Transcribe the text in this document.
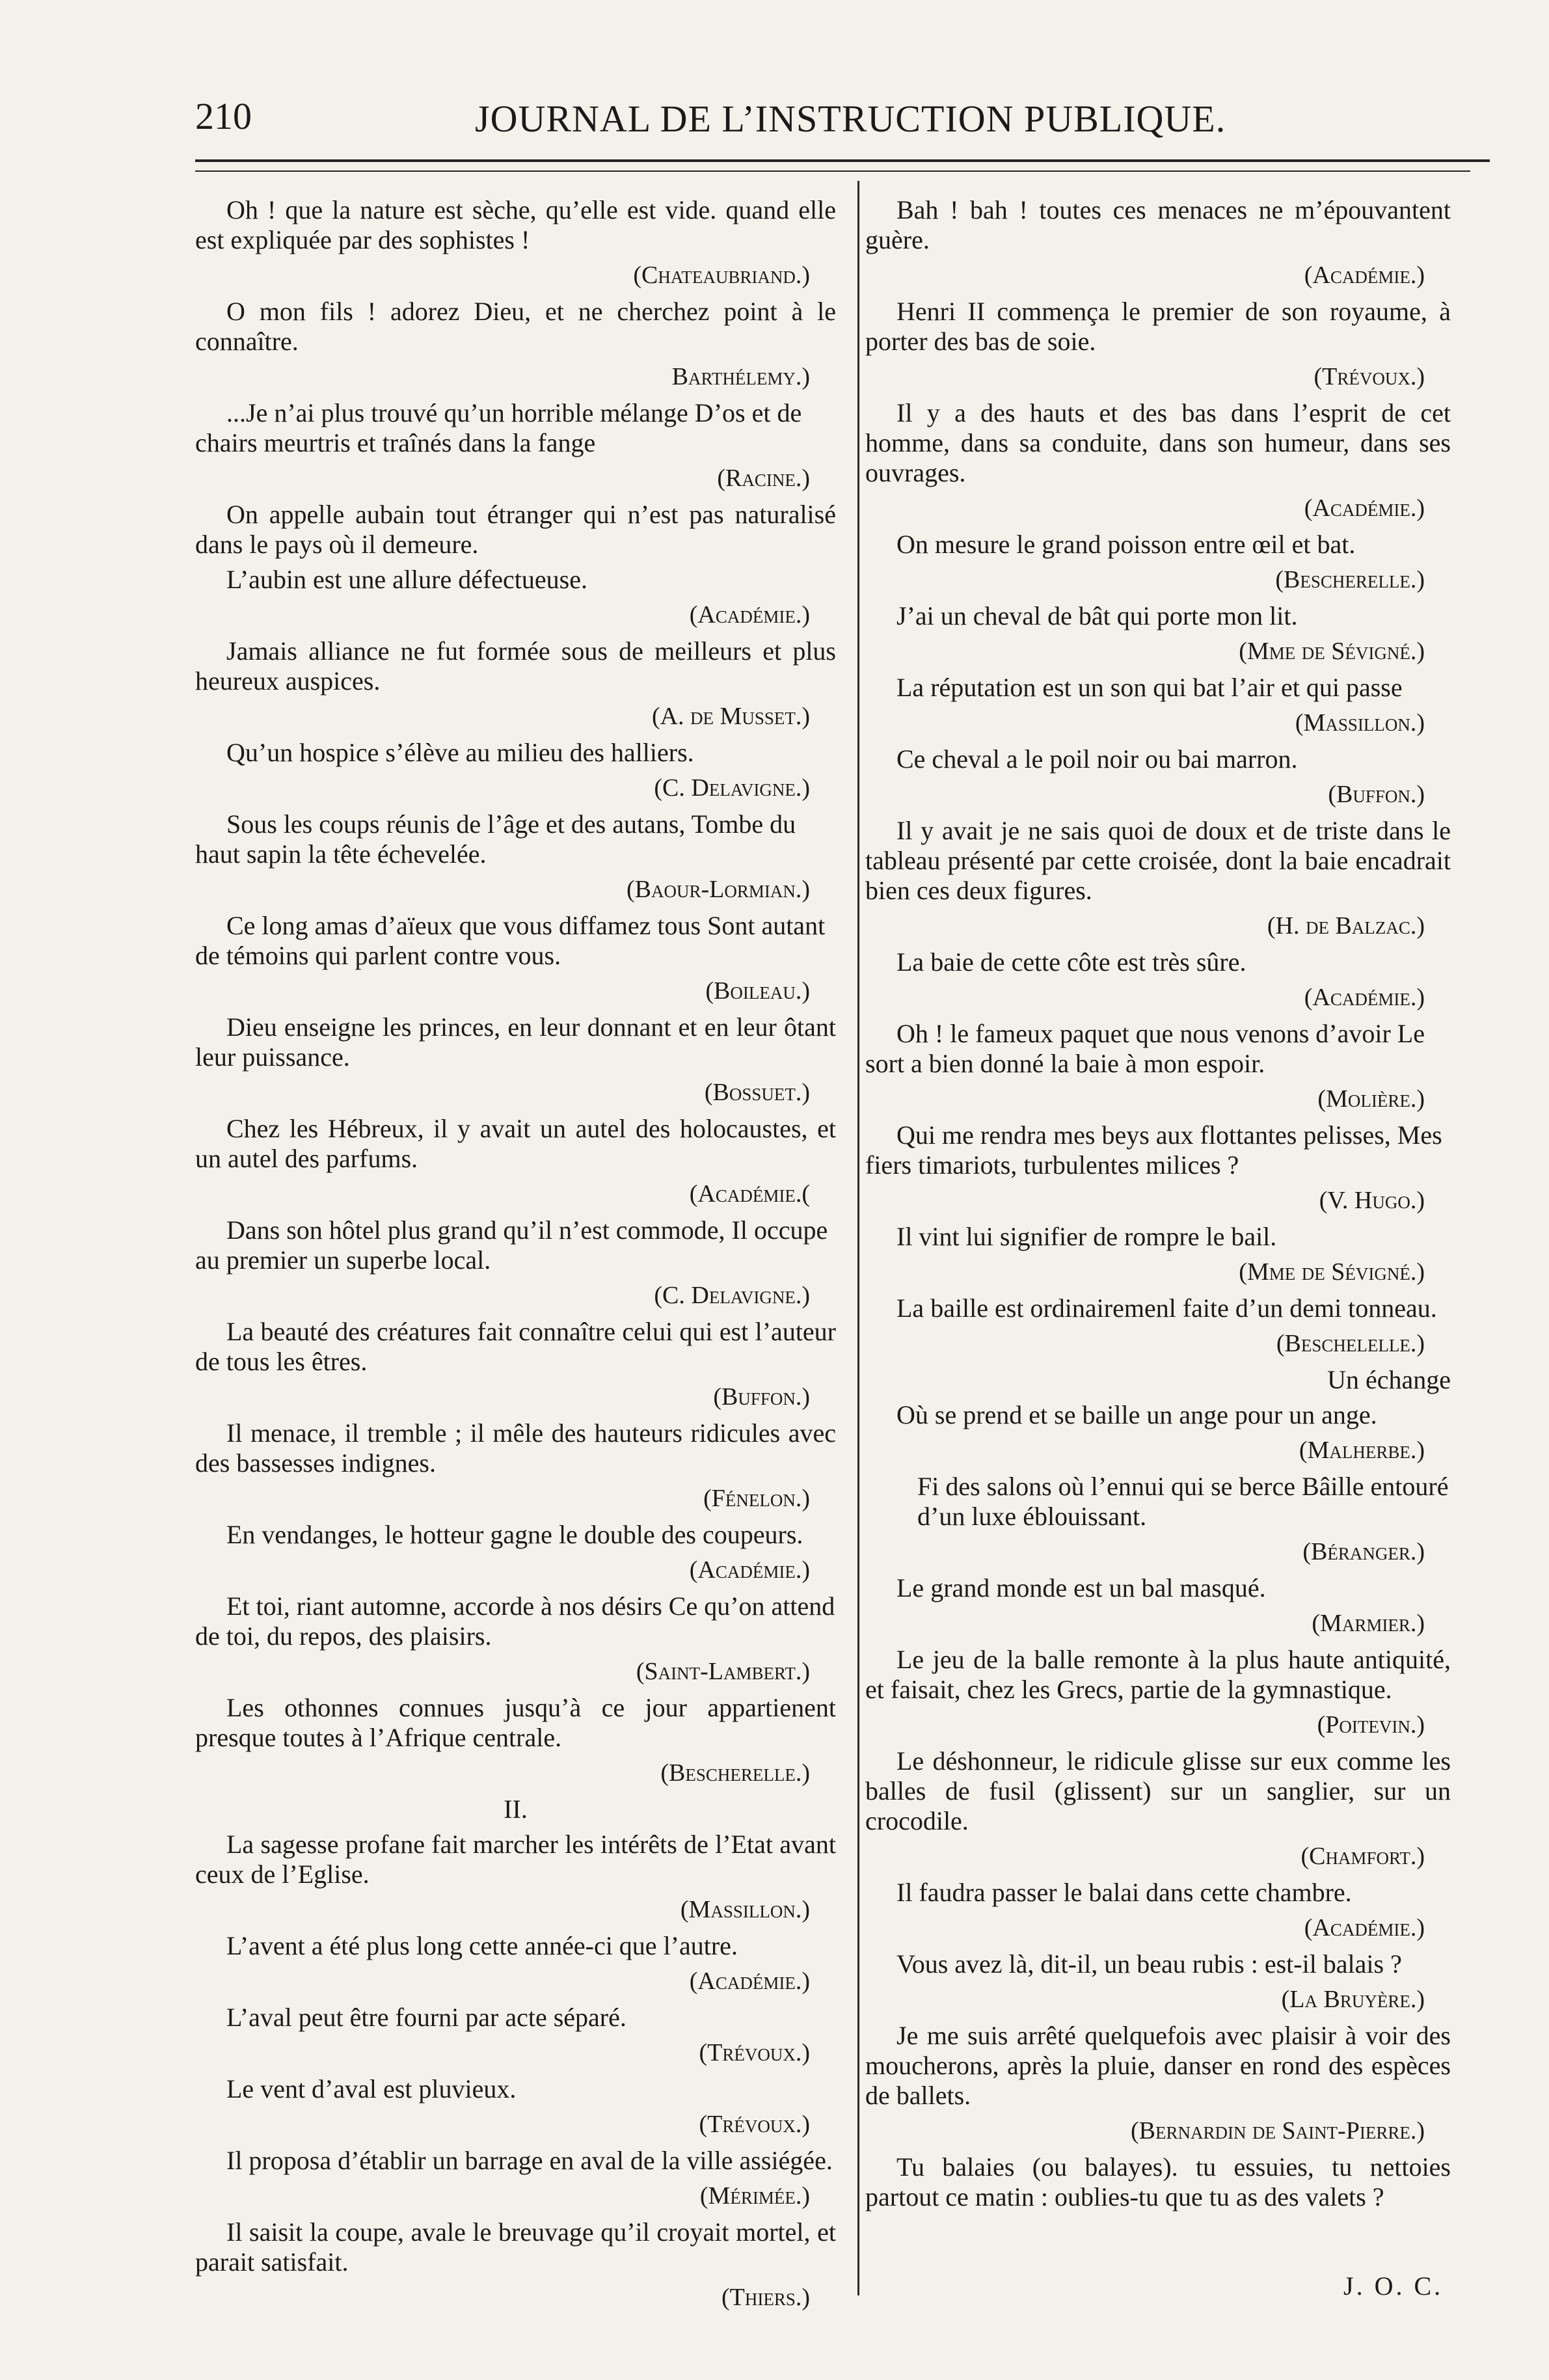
210	JOURNAL DE L’INSTRUCTION PUBLIQUE.
Oh ! que la nature est sèche, qu’elle est vide. quand elle est expliquée par des sophistes !
(Chateaubriand.)
O mon fils ! adorez Dieu, et ne cherchez point à le connaître.
Barthélemy.)
...Je n’ai plus trouvé qu’un horrible mélange D’os et de chairs meurtris et traînés dans la fange
(Racine.)
On appelle aubain tout étranger qui n’est pas naturalisé dans le pays où il demeure.
L’aubin est une allure défectueuse.
(Académie.)
Jamais alliance ne fut formée sous de meilleurs et plus heureux auspices.
(A. de Musset.)
Qu’un hospice s’élève au milieu des halliers.
(C. Delavigne.)
Sous les coups réunis de l’âge et des autans, Tombe du haut sapin la tête échevelée.
(Baour-Lormian.)
Ce long amas d’aïeux que vous diffamez tous Sont autant de témoins qui parlent contre vous.
(Boileau.)
Dieu enseigne les princes, en leur donnant et en leur ôtant leur puissance.
(Bossuet.)
Chez les Hébreux, il y avait un autel des holocaustes, et un autel des parfums.
(Académie.(
Dans son hôtel plus grand qu’il n’est commode, Il occupe au premier un superbe local.
(C. Delavigne.)
La beauté des créatures fait connaître celui qui est l’auteur de tous les êtres.
(Buffon.)
Il menace, il tremble ; il mêle des hauteurs ridicules avec des bassesses indignes.
(Fénelon.)
En vendanges, le hotteur gagne le double des coupeurs.
(Académie.)
Et toi, riant automne, accorde à nos désirs Ce qu’on attend de toi, du repos, des plaisirs.
(Saint-Lambert.)
Les othonnes connues jusqu’à ce jour appartienent presque toutes à l’Afrique centrale.
(Bescherelle.)
II.
La sagesse profane fait marcher les intérêts de l’Etat avant ceux de l’Eglise.
(Massillon.)
L’avent a été plus long cette année-ci que l’autre.
(Académie.)
L’aval peut être fourni par acte séparé.
(Trévoux.)
Le vent d’aval est pluvieux.
(Trévoux.)
Il proposa d’établir un barrage en aval de la ville assiégée.
(Mérimée.)
Il saisit la coupe, avale le breuvage qu’il croyait mortel, et parait satisfait.
(Thiers.)
Bah ! bah ! toutes ces menaces ne m’épouvantent guère.
(Académie.)
Henri II commença le premier de son royaume, à porter des bas de soie.
(Trévoux.)
Il y a des hauts et des bas dans l’esprit de cet homme, dans sa conduite, dans son humeur, dans ses ouvrages.
(Académie.)
On mesure le grand poisson entre œil et bat.
(Bescherelle.)
J’ai un cheval de bât qui porte mon lit.
(Mme de Sévigné.)
La réputation est un son qui bat l’air et qui passe
(Massillon.)
Ce cheval a le poil noir ou bai marron.
(Buffon.)
Il y avait je ne sais quoi de doux et de triste dans le tableau présenté par cette croisée, dont la baie encadrait bien ces deux figures.
(H. de Balzac.)
La baie de cette côte est très sûre.
(Académie.)
Oh ! le fameux paquet que nous venons d’avoir Le sort a bien donné la baie à mon espoir.
(Molière.)
Qui me rendra mes beys aux flottantes pelisses, Mes fiers timariots, turbulentes milices ?
(V. Hugo.)
Il vint lui signifier de rompre le bail.
(Mme de Sévigné.)
La baille est ordinairemenl faite d’un demi tonneau.
(Beschelelle.)
Un échange
Où se prend et se baille un ange pour un ange.
(Malherbe.)
Fi des salons où l’ennui qui se berce Bâille entouré d’un luxe éblouissant.
(Béranger.)
Le grand monde est un bal masqué.
(Marmier.)
Le jeu de la balle remonte à la plus haute antiquité, et faisait, chez les Grecs, partie de la gymnastique.
(Poitevin.)
Le déshonneur, le ridicule glisse sur eux comme les balles de fusil (glissent) sur un sanglier, sur un crocodile.
(Chamfort.)
Il faudra passer le balai dans cette chambre.
(Académie.)
Vous avez là, dit-il, un beau rubis : est-il balais ?
(La Bruyère.)
Je me suis arrêté quelquefois avec plaisir à voir des moucherons, après la pluie, danser en rond des espèces de ballets.
(Bernardin de Saint-Pierre.)
Tu balaies (ou balayes). tu essuies, tu nettoies partout ce matin : oublies-tu que tu as des valets ?
J. O. C.
